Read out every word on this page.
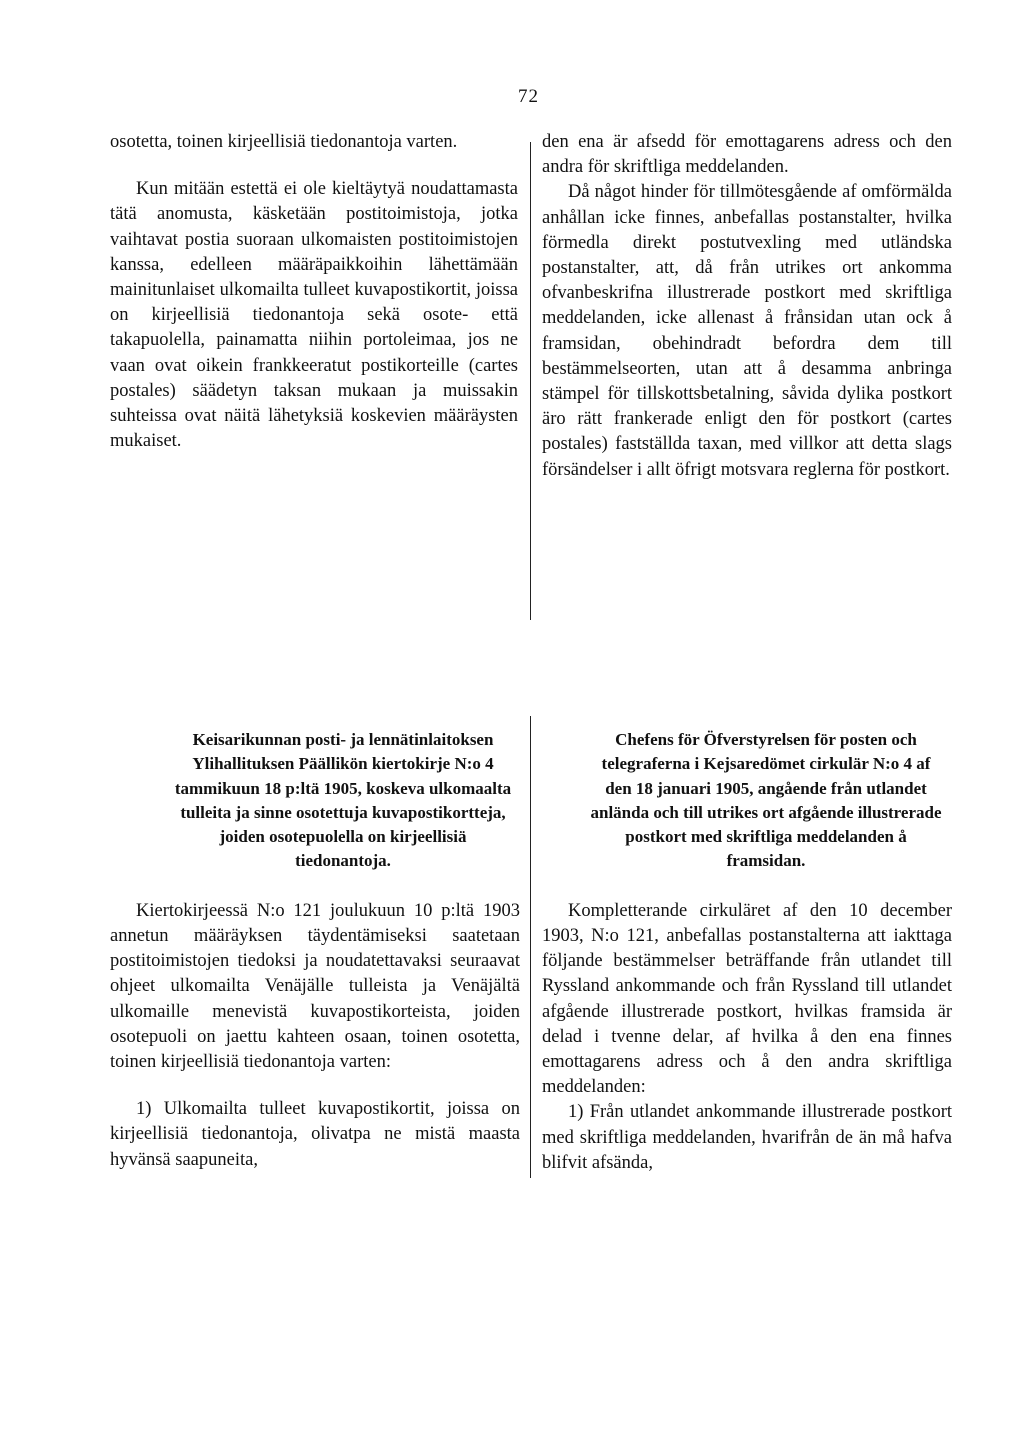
72

osotetta, toinen kirjeellisiä tiedonantoja varten.

Kun mitään estettä ei ole kieltäytyä noudattamasta tätä anomusta, käsketään postitoimistoja, jotka vaihtavat postia suoraan ulkomaisten postitoimistojen kanssa, edelleen määräpaikkoihin lähettämään mainitunlaiset ulkomailta tulleet kuvapostikortit, joissa on kirjeellisiä tiedonantoja sekä osote- että takapuolella, painamatta niihin portoleimaa, jos ne vaan ovat oikein frankkeeratut postikorteille (cartes postales) säädetyn taksan mukaan ja muissakin suhteissa ovat näitä lähetyksiä koskevien määräysten mukaiset.

den ena är afsedd för emottagarens adress och den andra för skriftliga meddelanden.

Då något hinder för tillmötesgående af omförmälda anhållan icke finnes, anbefallas postanstalter, hvilka förmedla direkt postutvexling med utländska postanstalter, att, då från utrikes ort ankomma ofvanbeskrifna illustrerade postkort med skriftliga meddelanden, icke allenast å frånsidan utan ock å framsidan, obehindradt befordra dem till bestämmelseorten, utan att å desamma anbringa stämpel för tillskottsbetalning, såvida dylika postkort äro rätt frankerade enligt den för postkort (cartes postales) fastställda taxan, med villkor att detta slags försändelser i allt öfrigt motsvara reglerna för postkort.

Keisarikunnan posti- ja lennätinlaitoksen Ylihallituksen Päällikön kiertokirje N:o 4 tammikuun 18 p:ltä 1905, koskeva ulkomaalta tulleita ja sinne osotettuja kuvapostikortteja, joiden osotepuolella on kirjeellisiä tiedonantoja.

Kiertokirjeessä N:o 121 joulukuun 10 p:ltä 1903 annetun määräyksen täydentämiseksi saatetaan postitoimistojen tiedoksi ja noudatettavaksi seuraavat ohjeet ulkomailta Venäjälle tulleista ja Venäjältä ulkomaille menevistä kuvapostikorteista, joiden osotepuoli on jaettu kahteen osaan, toinen osotetta, toinen kirjeellisiä tiedonantoja varten:

1) Ulkomailta tulleet kuvapostikortit, joissa on kirjeellisiä tiedonantoja, olivatpa ne mistä maasta hyvänsä saapuneita,

Chefens för Öfverstyrelsen för posten och telegraferna i Kejsaredömet cirkulär N:o 4 af den 18 januari 1905, angående från utlandet anlända och till utrikes ort afgående illustrerade postkort med skriftliga meddelanden å framsidan.

Kompletterande cirkuläret af den 10 december 1903, N:o 121, anbefallas postanstalterna att iakttaga följande bestämmelser beträffande från utlandet till Ryssland ankommande och från Ryssland till utlandet afgående illustrerade postkort, hvilkas framsida är delad i tvenne delar, af hvilka å den ena finnes emottagarens adress och å den andra skriftliga meddelanden:

1) Från utlandet ankommande illustrerade postkort med skriftliga meddelanden, hvarifrån de än må hafva blifvit afsända,
